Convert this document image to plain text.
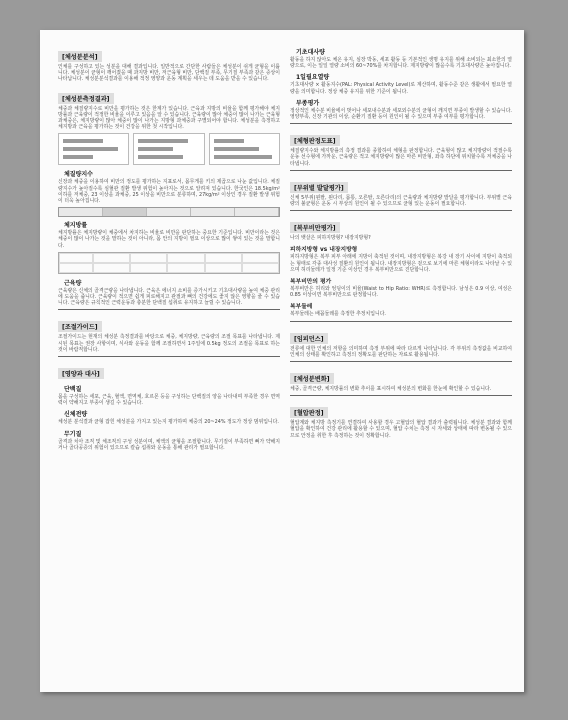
[체성분분석]

인체를 구성하고 있는 성분을 대해 결과입니다. 일반적으로 간단한 사람들은 체성분이 쉬게 균형을 이룹니다. 체성분이 균형이 깨어졌을 때 과지방 비만, 저근육형 비만, 단백질 부족, 무기질 부족과 같은 증상이 나타납니다. 체성분분석결과를 이용해 적정 영양과 운동 계획을 세우는 데 도움을 받을 수 있습니다.

[체성분측정결과]

체중과 체질량지수로 비만을 평가하는 것은 한계가 있습니다. 근육과 지방의 비율을 함께 평가해야 체지방률과 근육량이 적정한 비율을 이루고 있음을 알 수 있습니다. 근육량이 많아 체중이 많이 나가는 근육형 과체중은, 체지방량이 많아 체중이 많이 나가는 지방형 과체중과 구별되어야 합니다. 체성분을 측정하고 체지방과 근육을 평가하는 것이 건강을 위한 첫 시작입니다.

체질량지수

신장과 체중을 이용하여 비만의 정도를 평가하는 지표로서, 몸무게를 키의 제곱으로 나눈 값입니다. 체질량지수가 높아질수록 심혈관 질환 발생 위험이 높아지는 것으로 알려져 있습니다. 한국인은 18.5kg/m² 이하를 저체중, 23 이상을 과체중, 25 이상을 비만으로 분류하며, 27kg/m² 이상인 경우 질환 발생 위험이 더욱 높아집니다.

체지방률

체지방률은 체지방량이 체중에서 차지하는 비율로 비만을 판단하는 중요한 기준입니다. 비만이라는 것은 체중이 많이 나가는 것을 말하는 것이 아니라, 몸 안의 지방이 필요 이상으로 많이 쌓여 있는 것을 말합니다.

근육량

근육량은 신체의 골격근량을 나타냅니다. 근육은 에너지 소비를 증가시키고 기초대사량을 높여 체중 관리에 도움을 줍니다. 근육량이 적으면 쉽게 피로해지고 관절과 뼈의 건강에도 좋지 않은 영향을 줄 수 있습니다. 근육량은 규칙적인 근력운동과 충분한 단백질 섭취로 유지하고 늘릴 수 있습니다.

[조절가이드]

조절가이드는 현재의 체성분 측정결과를 바탕으로 체중, 체지방량, 근육량의 조절 목표를 나타냅니다. 제시된 목표는 권장 사항이며, 식사와 운동을 함께 조절하면서 1주일에 0.5kg 정도의 조절을 목표로 하는 것이 바람직합니다.

[영양과 대사]
단백질

몸을 구성하는 세포, 근육, 혈액, 면역체, 호르몬 등을 구성하는 단백질의 양을 나타내며 부족한 경우 면역력이 약해지고 부종이 생길 수 있습니다.

신체전량

체성분 분석결과 균형 잡힌 체성분을 가지고 있는지 평가하며 체중의 20~24% 정도가 정상 범위입니다.

무기질

골격과 치아 조직 및 체조직의 구성 성분이며, 체액의 균형을 조절합니다. 무기질이 부족하면 뼈가 약해지거나 골다공증의 위험이 있으므로 칼슘 섭취와 운동을 통해 관리가 필요합니다.

기초대사량

활동을 하지 않아도 체온 유지, 심장 박동, 세포 활동 등 기본적인 생명 유지를 위해 소비되는 최소한의 열량으로, 이는 일일 열량 소비의 60~70%를 차지합니다. 제지방량이 많을수록 기초대사량은 높아집니다.

1일필요열량

기초대사량 × 활동지수(PAL: Physical Activity Level)로 계산하며, 활동수준 같은 생활에서 필요한 열량을 의미합니다. 정상 체중 유지를 위한 기준이 됩니다.

부종평가

정상적인 체수분 비율에서 벗어나 세포내수분과 세포외수분의 균형이 깨지면 부종이 발생할 수 있습니다. 영양부족, 신장 기관의 이상, 순환기 질환 등이 원인이 될 수 있으며 부종 여부를 평가합니다.

[체형판정도표]

체질량지수와 체지방률의 측정 결과를 종합하여 체형을 판정합니다. 근육형이 많고 체지방량이 적절수록 운동 선수형에 가까운, 근육량은 적고 체지방량이 많은 마른 비만형, 좌측 하단에 위치할수록 저체중을 나타냅니다.

[부위별 발달평가]

신체 5부위(왼팔, 왼다리, 몸통, 오른팔, 오른다리)의 근육량과 체지방량 발달을 평가합니다. 부위별 근육량의 불균형은 운동 시 부상의 원인이 될 수 있으므로 균형 있는 운동이 필요합니다.

[복부비만평가]

나의 뱃살은 피하지방형? 내장지방형?

피하지방형 vs 내장지방형

피하지방형은 복부 피부 아래에 지방이 축적된 것이며, 내장지방형은 복강 내 장기 사이에 지방이 축적되는 형태로 각종 대사성 질환의 원인이 됩니다. 내장지방형은 겉으로 보기에 마른 체형이라도 나타날 수 있으며 허리둘레가 일정 기준 이상인 경우 복부비만으로 진단합니다.

복부비만의 평가

복부비만은 허리와 엉덩이의 비율(Waist to Hip Ratio: WHR)로 측정합니다. 남성은 0.9 이상, 여성은 0.85 이상이면 복부비만으로 판정합니다.

복부둘레

복부둘레는 배꼽둘레를 측정한 추정치입니다.

[임피던스]

전류에 대한 인체의 저항을 의미하며 측정 부위에 따라 다르게 나타납니다. 각 부위의 측정값을 비교하여 인체의 상태를 확인하고 측정의 정확도를 판단하는 자료로 활용됩니다.

[체성분변화]

체중, 골격근량, 체지방률의 변화 추이를 표시하여 체성분의 변화를 한눈에 확인할 수 있습니다.

[혈압판정]

혈압계와 체지방 측정기를 연결하여 사용할 경우 고혈압의 혈압 결과가 출력됩니다. 체성분 결과와 함께 혈압을 확인하여 건강 관리에 활용할 수 있으며, 혈압 수치는 측정 시 자세와 상태에 따라 변동될 수 있으므로 안정을 취한 후 측정하는 것이 정확합니다.
